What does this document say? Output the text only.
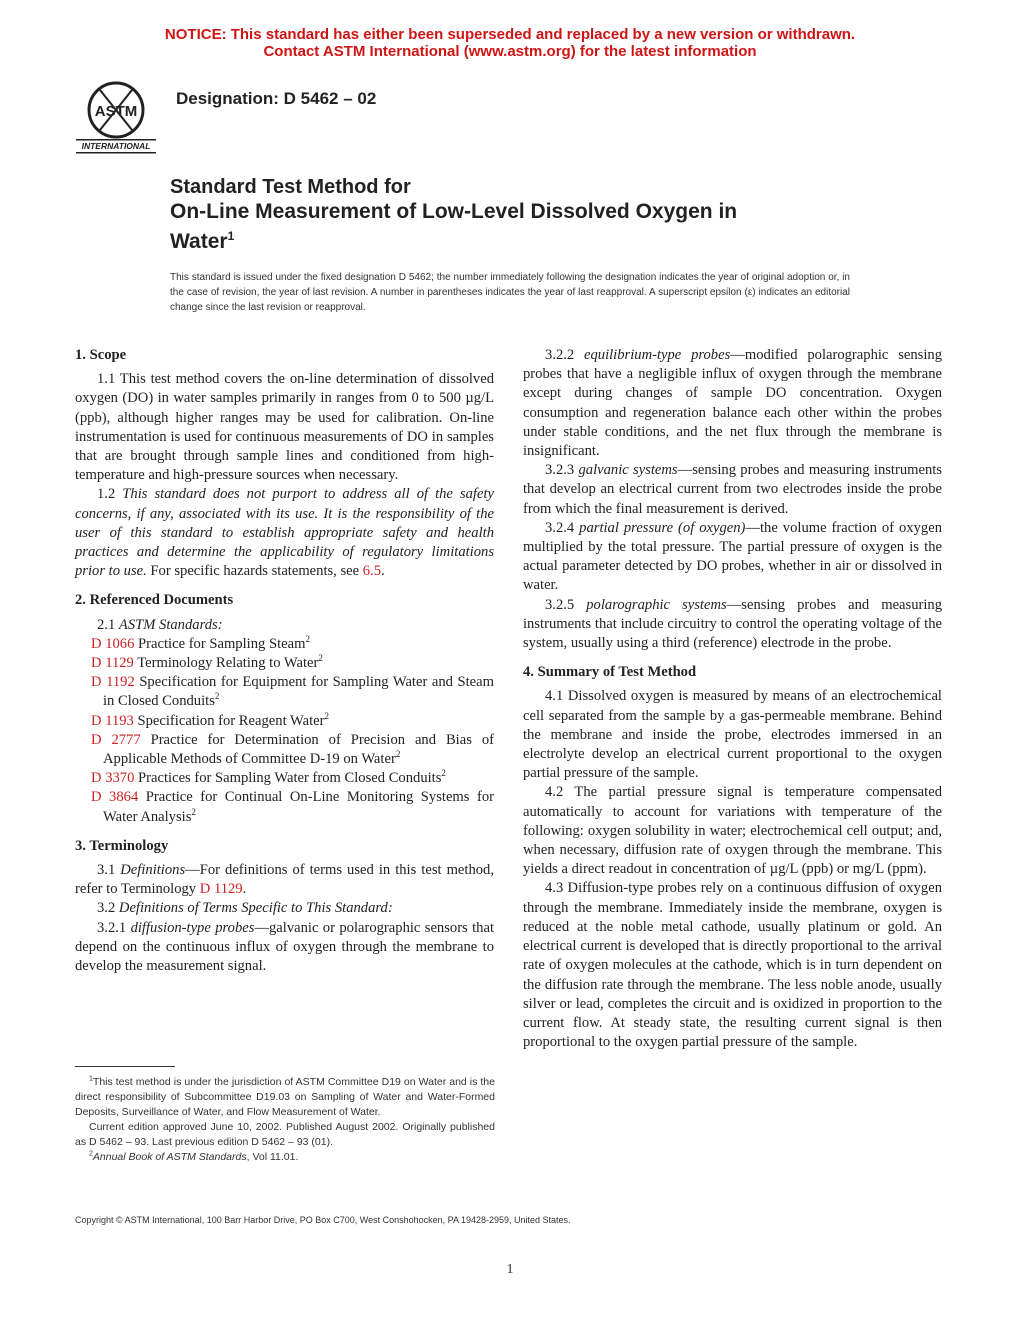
NOTICE: This standard has either been superseded and replaced by a new version or withdrawn.
Contact ASTM International (www.astm.org) for the latest information
ASTM
INTERNATIONAL
Designation: D 5462 – 02
Standard Test Method for
On-Line Measurement of Low-Level Dissolved Oxygen in
Water$^1$
This standard is issued under the fixed designation D 5462; the number immediately following the designation indicates the year of original adoption or, in the case of revision, the year of last revision. A number in parentheses indicates the year of last reapproval. A superscript epsilon (ε) indicates an editorial change since the last revision or reapproval.
1. Scope

1.1 This test method covers the on-line determination of dissolved oxygen (DO) in water samples primarily in ranges from 0 to 500 µg/L (ppb), although higher ranges may be used for calibration. On-line instrumentation is used for continuous measurements of DO in samples that are brought through sample lines and conditioned from high-temperature and high-pressure sources when necessary.

1.2 This standard does not purport to address all of the safety concerns, if any, associated with its use. It is the responsibility of the user of this standard to establish appropriate safety and health practices and determine the applicability of regulatory limitations prior to use. For specific hazards statements, see 6.5.

2. Referenced Documents

2.1 ASTM Standards:

D 1066 Practice for Sampling Steam$^2$

D 1129 Terminology Relating to Water$^2$

D 1192 Specification for Equipment for Sampling Water and Steam in Closed Conduits$^2$

D 1193 Specification for Reagent Water$^2$

D 2777 Practice for Determination of Precision and Bias of Applicable Methods of Committee D-19 on Water$^2$

D 3370 Practices for Sampling Water from Closed Conduits$^2$

D 3864 Practice for Continual On-Line Monitoring Systems for Water Analysis$^2$

3. Terminology

3.1 Definitions—For definitions of terms used in this test method, refer to Terminology D 1129.

3.2 Definitions of Terms Specific to This Standard:

3.2.1 diffusion-type probes—galvanic or polarographic sensors that depend on the continuous influx of oxygen through the membrane to develop the measurement signal.

3.2.2 equilibrium-type probes—modified polarographic sensing probes that have a negligible influx of oxygen through the membrane except during changes of sample DO concentration. Oxygen consumption and regeneration balance each other within the probes under stable conditions, and the net flux through the membrane is insignificant.

3.2.3 galvanic systems—sensing probes and measuring instruments that develop an electrical current from two electrodes inside the probe from which the final measurement is derived.

3.2.4 partial pressure (of oxygen)—the volume fraction of oxygen multiplied by the total pressure. The partial pressure of oxygen is the actual parameter detected by DO probes, whether in air or dissolved in water.

3.2.5 polarographic systems—sensing probes and measuring instruments that include circuitry to control the operating voltage of the system, usually using a third (reference) electrode in the probe.

4. Summary of Test Method

4.1 Dissolved oxygen is measured by means of an electrochemical cell separated from the sample by a gas-permeable membrane. Behind the membrane and inside the probe, electrodes immersed in an electrolyte develop an electrical current proportional to the oxygen partial pressure of the sample.

4.2 The partial pressure signal is temperature compensated automatically to account for variations with temperature of the following: oxygen solubility in water; electrochemical cell output; and, when necessary, diffusion rate of oxygen through the membrane. This yields a direct readout in concentration of µg/L (ppb) or mg/L (ppm).

4.3 Diffusion-type probes rely on a continuous diffusion of oxygen through the membrane. Immediately inside the membrane, oxygen is reduced at the noble metal cathode, usually platinum or gold. An electrical current is developed that is directly proportional to the arrival rate of oxygen molecules at the cathode, which is in turn dependent on the diffusion rate through the membrane. The less noble anode, usually silver or lead, completes the circuit and is oxidized in proportion to the current flow. At steady state, the resulting current signal is then proportional to the oxygen partial pressure of the sample.

$^1$This test method is under the jurisdiction of ASTM Committee D19 on Water and is the direct responsibility of Subcommittee D19.03 on Sampling of Water and Water-Formed Deposits, Surveillance of Water, and Flow Measurement of Water.

Current edition approved June 10, 2002. Published August 2002. Originally published as D 5462 – 93. Last previous edition D 5462 – 93 (01).

$^2$Annual Book of ASTM Standards, Vol 11.01.

Copyright © ASTM International, 100 Barr Harbor Drive, PO Box C700, West Conshohocken, PA 19428-2959, United States.
1
